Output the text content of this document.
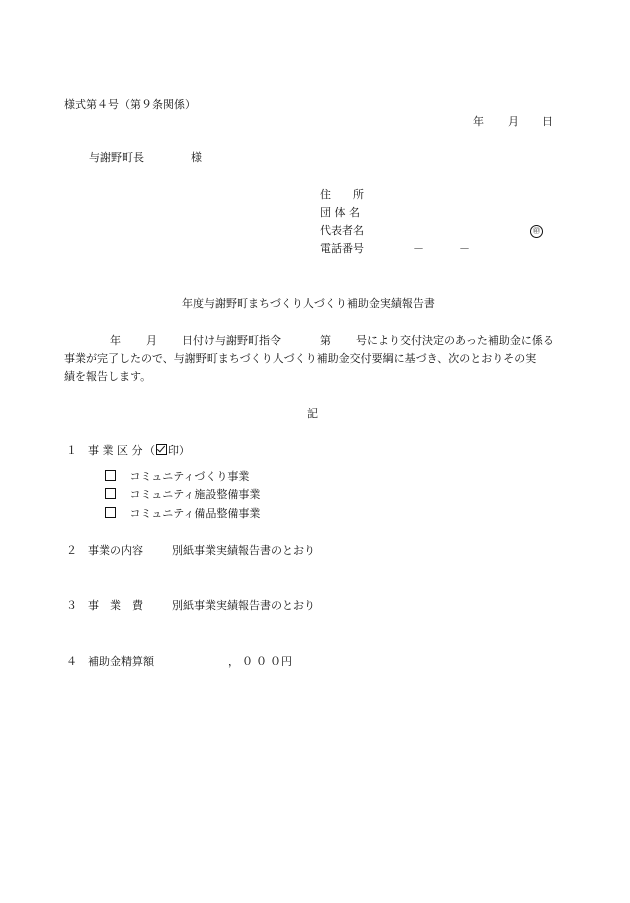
様式第４号（第９条関係）
年 月 日
与謝野町長	様
住　　所
団 体 名
代表者名	㊞
電話番号	－	－
年度与謝野町まちづくり人づくり補助金実績報告書
年 月 日付け与謝野町指令	第 号により交付決定のあった補助金に係る
事業が完了したので、与謝野町まちづくり人づくり補助金交付要綱に基づき、次のとおりその実
績を報告します。
記
１ 事 業 区 分 （ 印）
コミュニティづくり事業
コミュニティ施設整備事業
コミュニティ備品整備事業
２ 事業の内容	別紙事業実績報告書のとおり
３ 事　業　費	別紙事業実績報告書のとおり
４ 補助金精算額	，０００
円
